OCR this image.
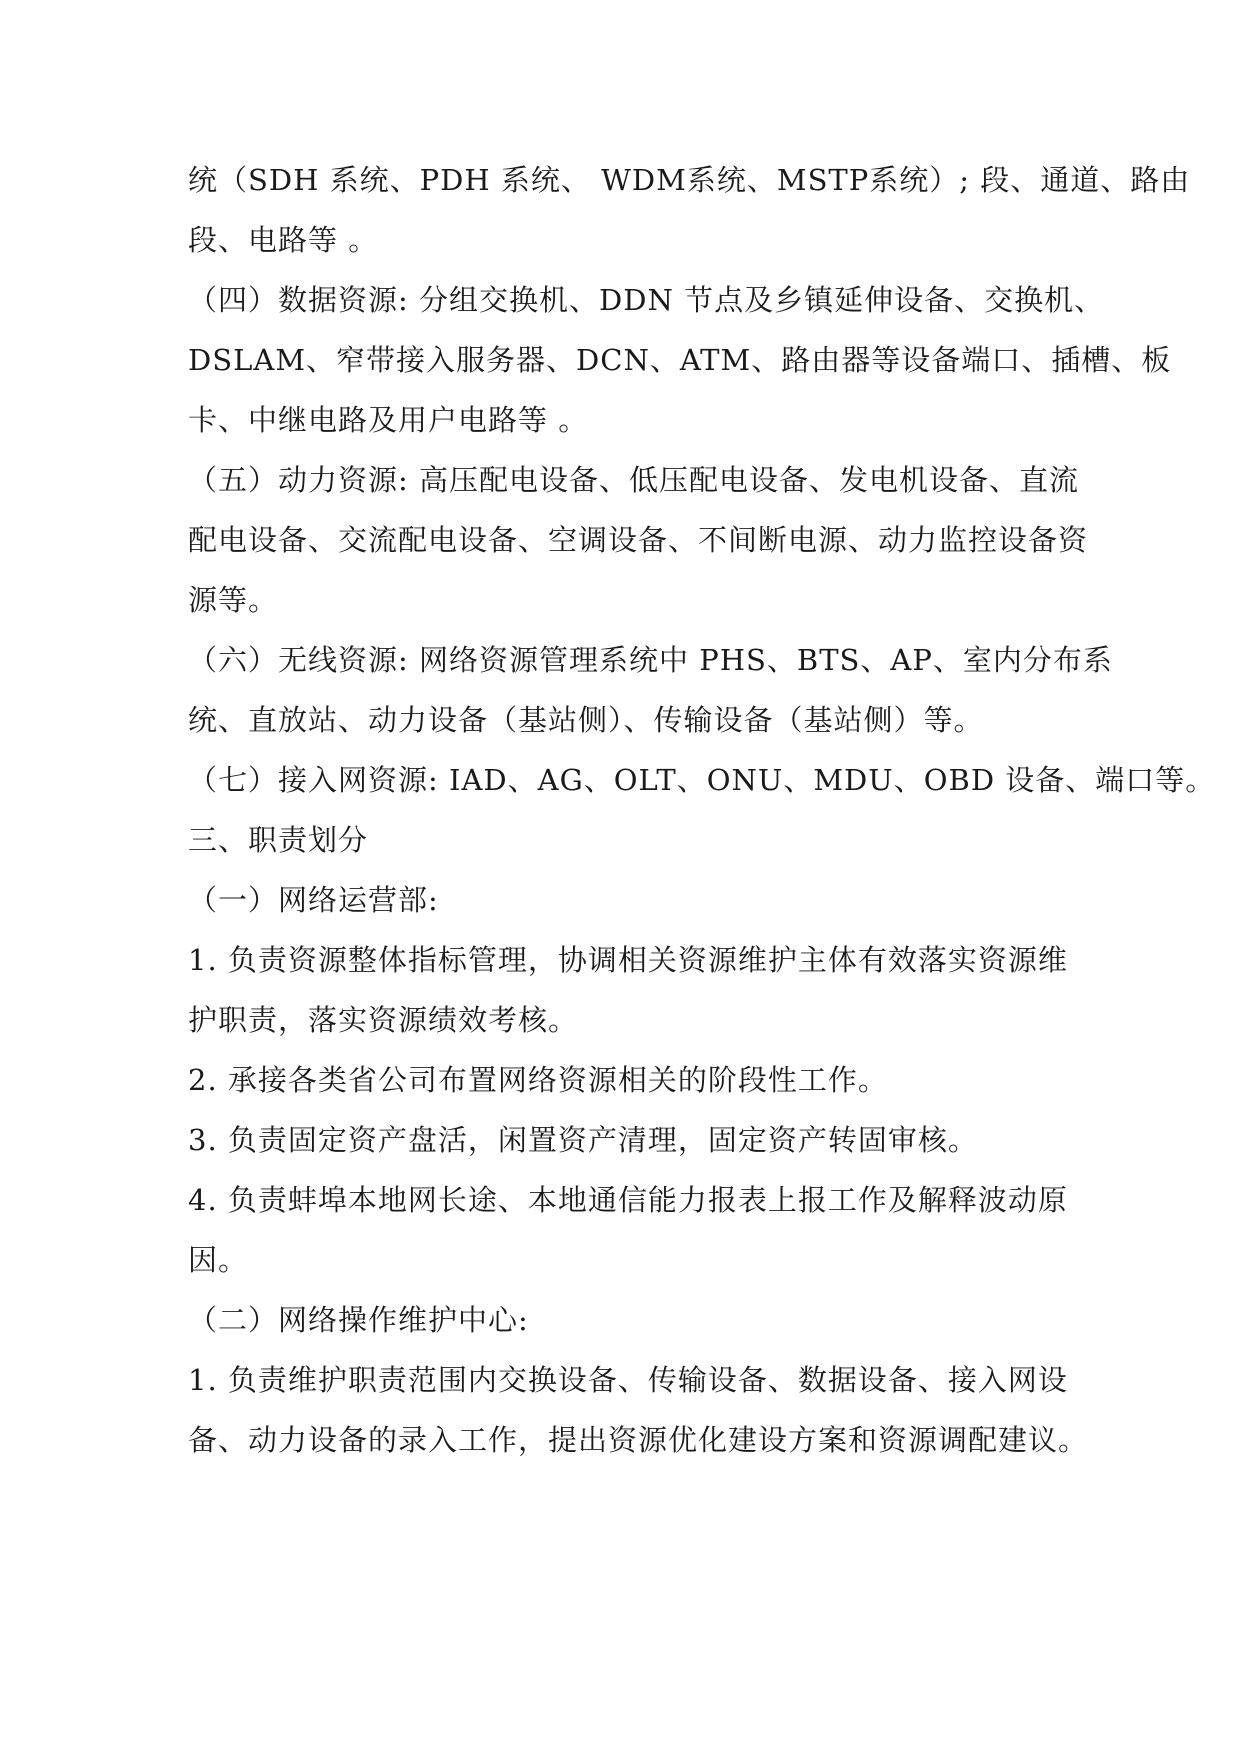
统（SDH 系统、PDH 系统、 WDM系统、MSTP系统）; 段、通道、路由
段、电路等 。
（四）数据资源: 分组交换机、DDN 节点及乡镇延伸设备、交换机、
DSLAM、窄带接入服务器、DCN、ATM、路由器等设备端口、插槽、板
卡、中继电路及用户电路等 。
（五）动力资源: 高压配电设备、低压配电设备、发电机设备、直流
配电设备、交流配电设备、空调设备、不间断电源、动力监控设备资
源等。
（六）无线资源: 网络资源管理系统中 PHS、BTS、AP、室内分布系
统、直放站、动力设备（基站侧）、传输设备（基站侧）等。
（七）接入网资源: IAD、AG、OLT、ONU、MDU、OBD 设备、端口等。
三、职责划分
（一）网络运营部:
1. 负责资源整体指标管理，协调相关资源维护主体有效落实资源维
护职责，落实资源绩效考核。
2. 承接各类省公司布置网络资源相关的阶段性工作。
3. 负责固定资产盘活，闲置资产清理，固定资产转固审核。
4. 负责蚌埠本地网长途、本地通信能力报表上报工作及解释波动原
因。
（二）网络操作维护中心:
1. 负责维护职责范围内交换设备、传输设备、数据设备、接入网设
备、动力设备的录入工作，提出资源优化建设方案和资源调配建议。
